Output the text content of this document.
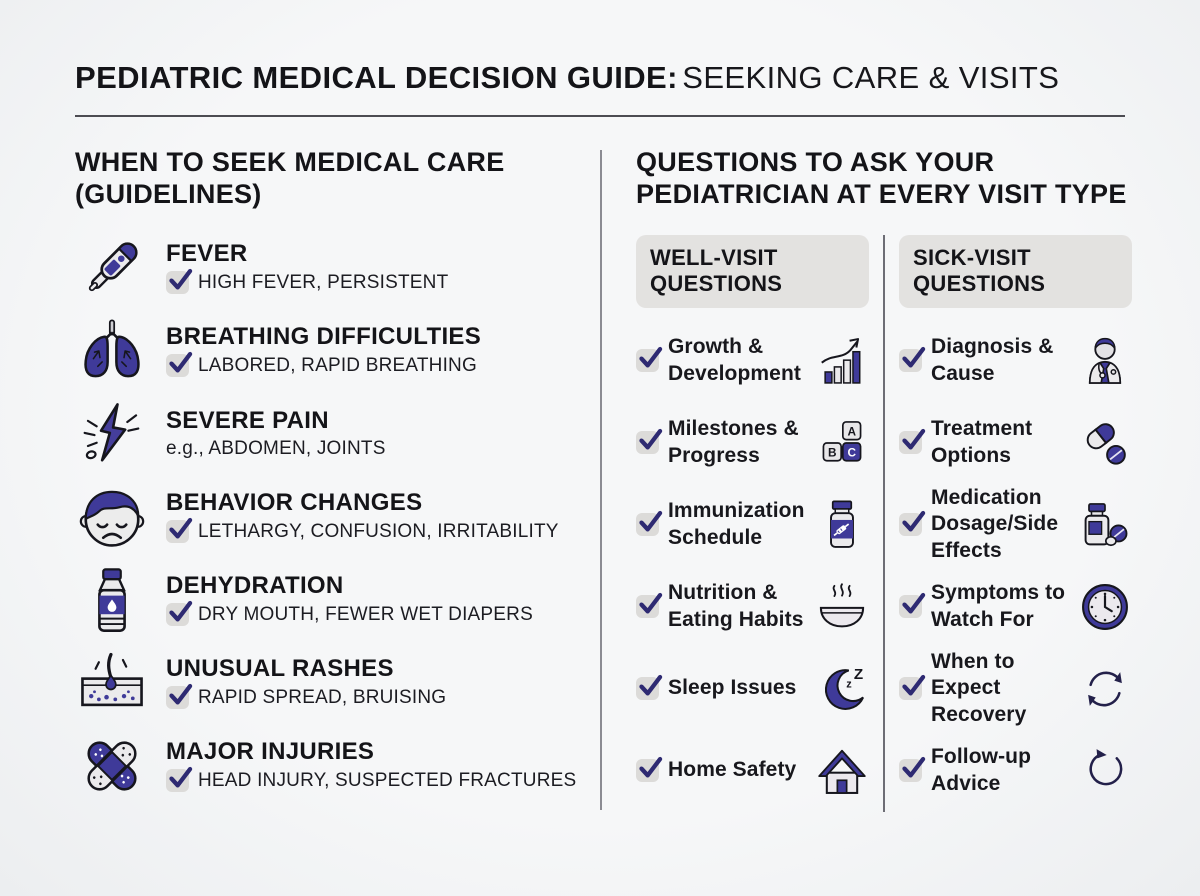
PEDIATRIC MEDICAL DECISION GUIDE: SEEKING CARE & VISITS
WHEN TO SEEK MEDICAL CARE (GUIDELINES)
FEVER
HIGH FEVER, PERSISTENT
BREATHING DIFFICULTIES
LABORED, RAPID BREATHING
SEVERE PAIN
e.g., ABDOMEN, JOINTS
BEHAVIOR CHANGES
LETHARGY, CONFUSION, IRRITABILITY
DEHYDRATION
DRY MOUTH, FEWER WET DIAPERS
UNUSUAL RASHES
RAPID SPREAD, BRUISING
MAJOR INJURIES
HEAD INJURY, SUSPECTED FRACTURES
QUESTIONS TO ASK YOUR PEDIATRICIAN AT EVERY VISIT TYPE
WELL-VISIT QUESTIONS
Growth & Development
Milestones & Progress
A
B C
Immunization Schedule
Nutrition & Eating Habits
Sleep Issues	z
Z
Home Safety
SICK-VISIT QUESTIONS
Diagnosis & Cause
Treatment Options
Medication Dosage/Side Effects
Symptoms to Watch For
When to Expect Recovery
Follow-up Advice
